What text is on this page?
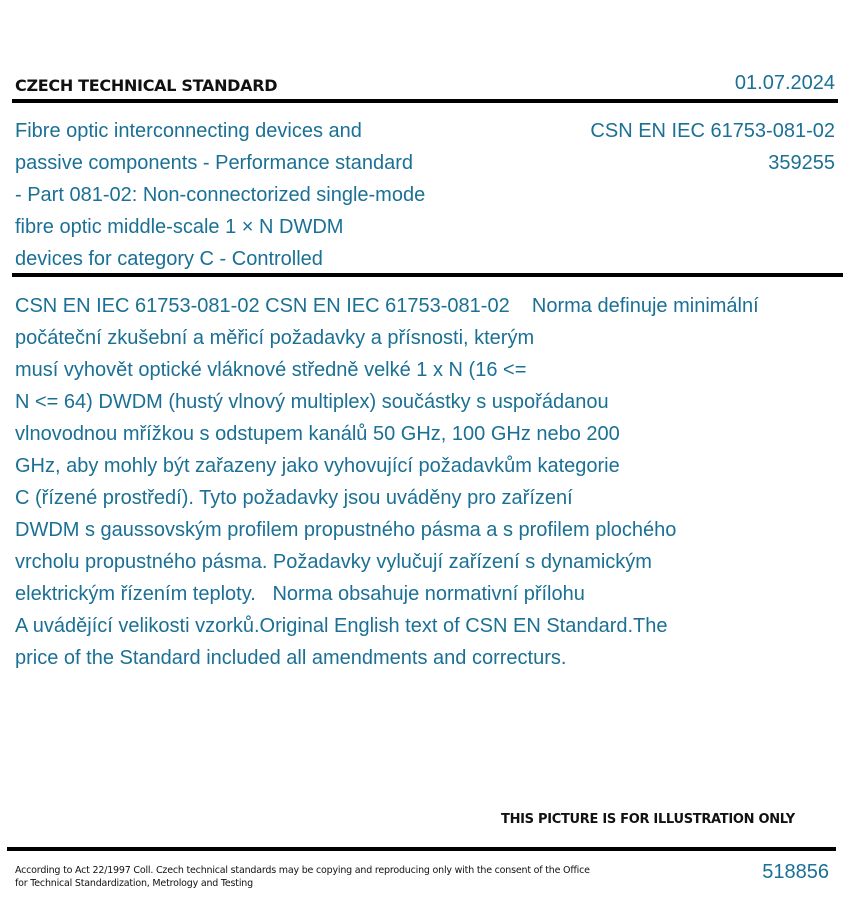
CZECH TECHNICAL STANDARD	01.07.2024
Fibre optic interconnecting devices and
passive components - Performance standard
- Part 081-02: Non-connectorized single-mode
fibre optic middle-scale 1 × N DWDM
devices for category C - Controlled
CSN EN IEC 61753-081-02
359255
CSN EN IEC 61753-081-02 CSN EN IEC 61753-081-02    Norma definuje minimální
počáteční zkušební a měřicí požadavky a přísnosti, kterým
musí vyhovět optické vláknové středně velké 1 x N (16 <=
N <= 64) DWDM (hustý vlnový multiplex) součástky s uspořádanou
vlnovodnou mřížkou s odstupem kanálů 50 GHz, 100 GHz nebo 200
GHz, aby mohly být zařazeny jako vyhovující požadavkům kategorie
C (řízené prostředí). Tyto požadavky jsou uváděny pro zařízení
DWDM s gaussovským profilem propustného pásma a s profilem plochého
vrcholu propustného pásma. Požadavky vylučují zařízení s dynamickým
elektrickým řízením teploty.   Norma obsahuje normativní přílohu
A uvádějící velikosti vzorků.Original English text of CSN EN Standard.The
price of the Standard included all amendments and correcturs.
THIS PICTURE IS FOR ILLUSTRATION ONLY
According to Act 22/1997 Coll. Czech technical standards may be copying and reproducing only with the consent of the Office
for Technical Standardization, Metrology and Testing
518856
